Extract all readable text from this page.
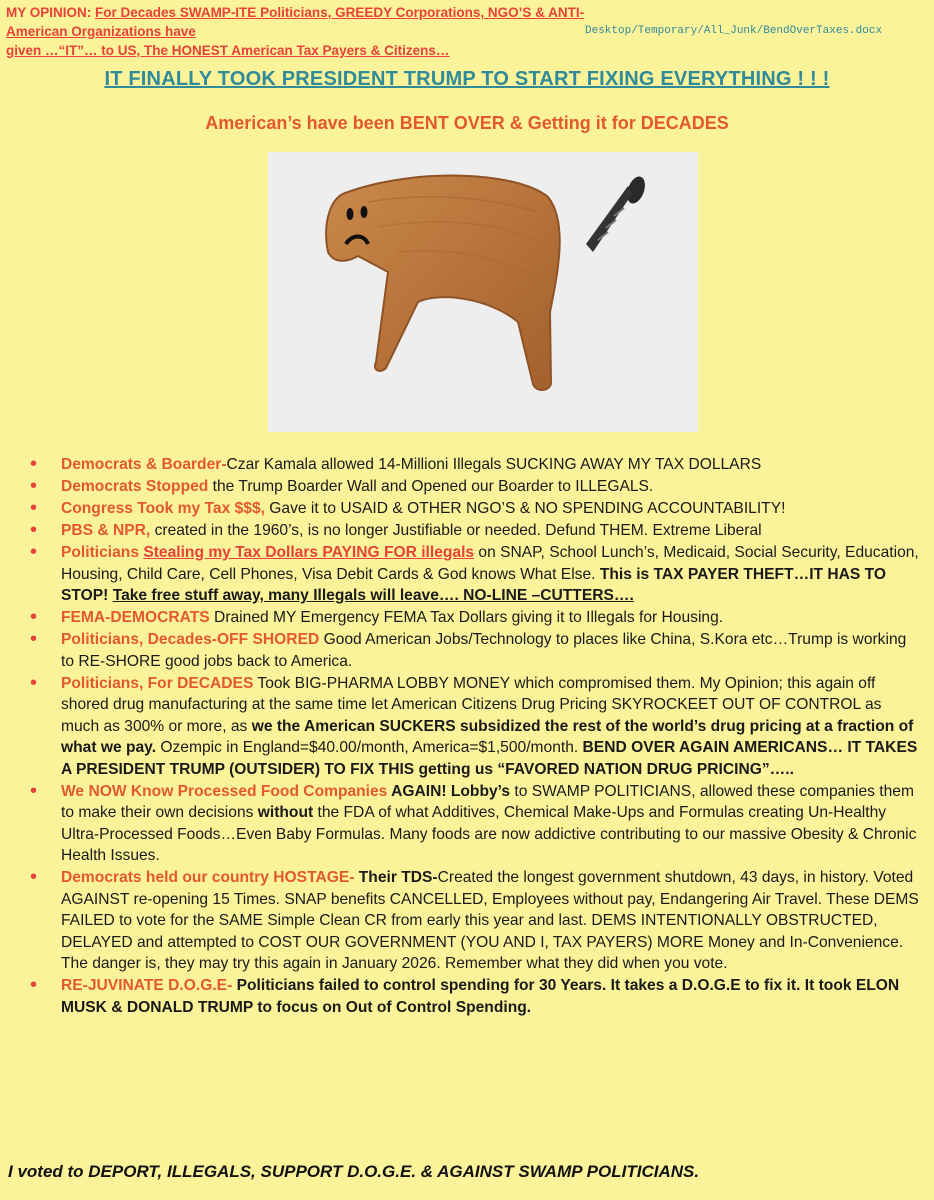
MY OPINION: For Decades SWAMP-ITE Politicians, GREEDY Corporations, NGO’S & ANTI-American Organizations have
given …“IT”… to US, The HONEST American Tax Payers & Citizens…
Desktop/Temporary/All_Junk/BendOverTaxes.docx
IT FINALLY TOOK PRESIDENT TRUMP TO START FIXING EVERYTHING ! ! !
American’s have been BENT OVER & Getting it for DECADES
• Democrats & Boarder-Czar Kamala allowed 14-Millioni Illegals SUCKING AWAY MY TAX DOLLARS
• Democrats Stopped the Trump Boarder Wall and Opened our Boarder to ILLEGALS.
• Congress Took my Tax $$$, Gave it to USAID & OTHER NGO’S & NO SPENDING ACCOUNTABILITY!
• PBS & NPR, created in the 1960’s, is no longer Justifiable or needed. Defund THEM. Extreme Liberal
• Politicians Stealing my Tax Dollars PAYING FOR illegals on SNAP, School Lunch’s, Medicaid, Social Security, Education, Housing, Child Care, Cell Phones, Visa Debit Cards & God knows What Else. This is TAX PAYER THEFT…IT HAS TO STOP! Take free stuff away, many Illegals will leave…. NO-LINE –CUTTERS….
• FEMA-DEMOCRATS Drained MY Emergency FEMA Tax Dollars giving it to Illegals for Housing.
• Politicians, Decades-OFF SHORED Good American Jobs/Technology to places like China, S.Kora etc…Trump is working to RE-SHORE good jobs back to America.
• Politicians, For DECADES Took BIG-PHARMA LOBBY MONEY which compromised them. My Opinion; this again off shored drug manufacturing at the same time let American Citizens Drug Pricing SKYROCKEET OUT OF CONTROL as much as 300% or more, as we the American SUCKERS subsidized the rest of the world’s drug pricing at a fraction of what we pay. Ozempic in England=$40.00/month, America=$1,500/month. BEND OVER AGAIN AMERICANS… IT TAKES A PRESIDENT TRUMP (OUTSIDER) TO FIX THIS getting us “FAVORED NATION DRUG PRICING”…..
• We NOW Know Processed Food Companies AGAIN! Lobby’s to SWAMP POLITICIANS, allowed these companies them to make their own decisions without the FDA of what Additives, Chemical Make-Ups and Formulas creating Un-Healthy Ultra-Processed Foods…Even Baby Formulas. Many foods are now addictive contributing to our massive Obesity & Chronic Health Issues.
• Democrats held our country HOSTAGE- Their TDS-Created the longest government shutdown, 43 days, in history. Voted AGAINST re-opening 15 Times. SNAP benefits CANCELLED, Employees without pay, Endangering Air Travel. These DEMS FAILED to vote for the SAME Simple Clean CR from early this year and last. DEMS INTENTIONALLY OBSTRUCTED, DELAYED and attempted to COST OUR GOVERNMENT (YOU AND I, TAX PAYERS) MORE Money and In-Convenience. The danger is, they may try this again in January 2026. Remember what they did when you vote.
• RE-JUVINATE D.O.G.E- Politicians failed to control spending for 30 Years. It takes a D.O.G.E to fix it. It took ELON MUSK & DONALD TRUMP to focus on Out of Control Spending.
I voted to DEPORT, ILLEGALS, SUPPORT D.O.G.E. & AGAINST SWAMP POLITICIANS.
